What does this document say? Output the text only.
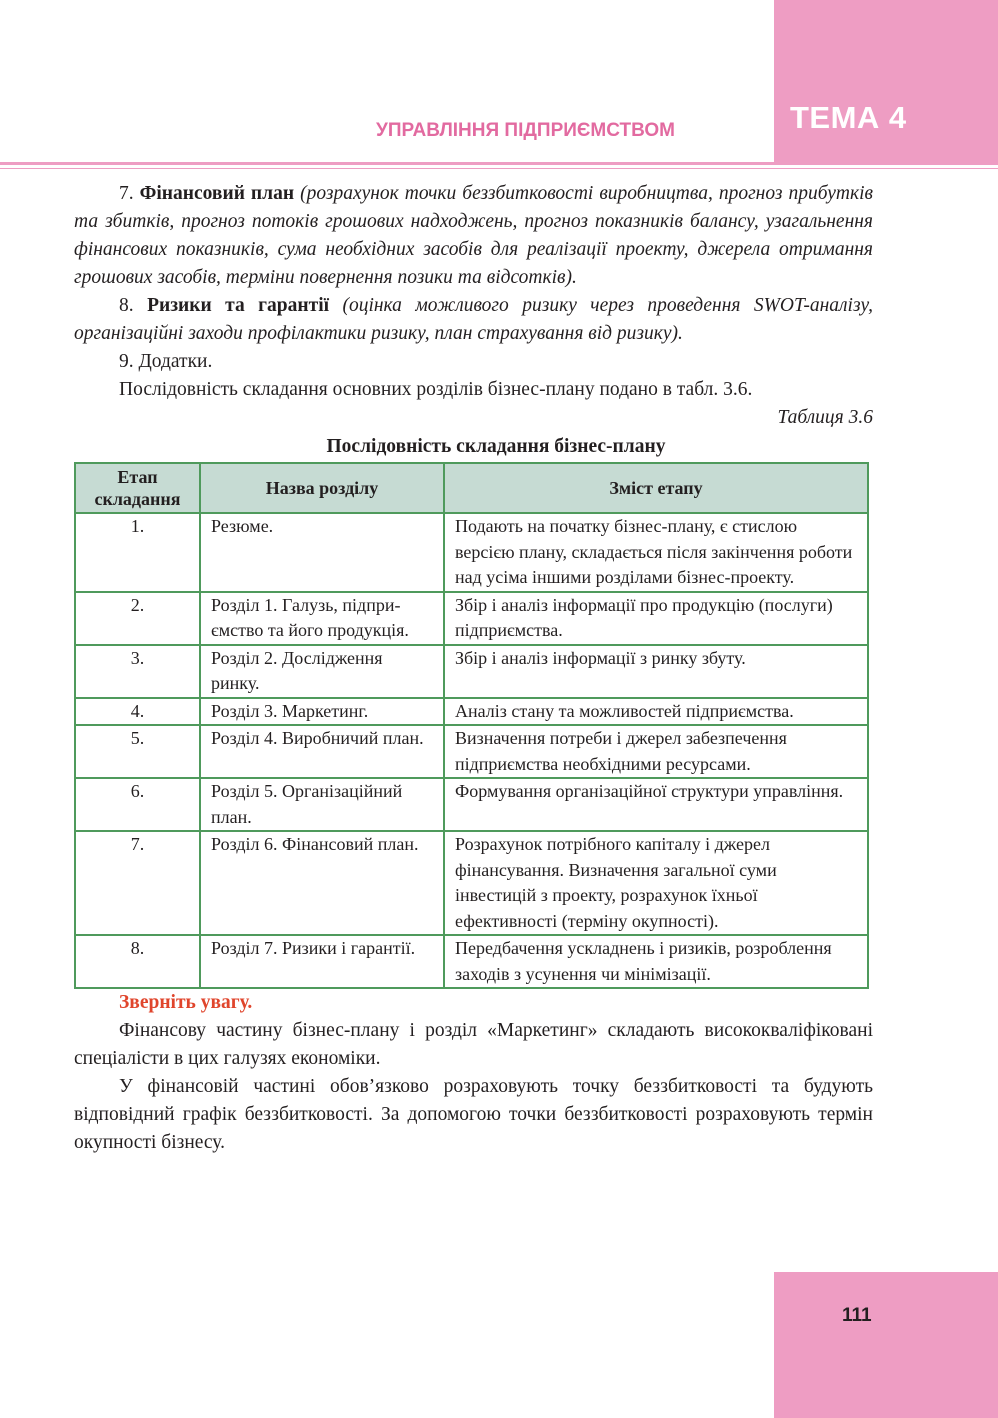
ТЕМА 4
УПРАВЛІННЯ ПІДПРИЄМСТВОМ

7. Фінансовий план (розрахунок точки беззбитковості виробництва, прогноз прибутків та збитків, прогноз потоків грошових надходжень, прогноз показників балансу, узагальнення фінансових показників, сума необхідних засобів для реалізації проекту, джерела отримання грошових засобів, терміни повернення позики та відсотків).

8. Ризики та гарантії (оцінка можливого ризику через проведення SWOT-аналізу, організаційні заходи профілактики ризику, план страхування від ризику).

9. Додатки.

Послідовність складання основних розділів бізнес-плану подано в табл. 3.6.

Таблиця 3.6

Послідовність складання бізнес-плану

Етап складання	Назва розділу	Зміст етапу
1.	Резюме.	Подають на початку бізнес-плану, є стислою версією плану, складається після закінчення роботи над усіма іншими розділами бізнес-проекту.
2.	Розділ 1. Галузь, підпри-ємство та його продукція.	Збір і аналіз інформації про продукцію (послуги) підприємства.
3.	Розділ 2. Дослідження ринку.	Збір і аналіз інформації з ринку збуту.
4.	Розділ 3. Маркетинг.	Аналіз стану та можливостей підприємства.
5.	Розділ 4. Виробничий план.	Визначення потреби і джерел забезпечення підприємства необхідними ресурсами.
6.	Розділ 5. Організаційний план.	Формування організаційної структури управління.
7.	Розділ 6. Фінансовий план.	Розрахунок потрібного капіталу і джерел фінансування. Визначення загальної суми інвестицій з проекту, розрахунок їхньої ефективності (терміну окупності).
8.	Розділ 7. Ризики і гарантії.	Передбачення ускладнень і ризиків, розроблення заходів з усунення чи мінімізації.

Зверніть увагу.

Фінансову частину бізнес-плану і розділ «Маркетинг» складають висококваліфіковані спеціалісти в цих галузях економіки.

У фінансовій частині обов’язково розраховують точку беззбитковості та будують відповідний графік беззбитковості. За допомогою точки беззбитковості розраховують термін окупності бізнесу.

111
